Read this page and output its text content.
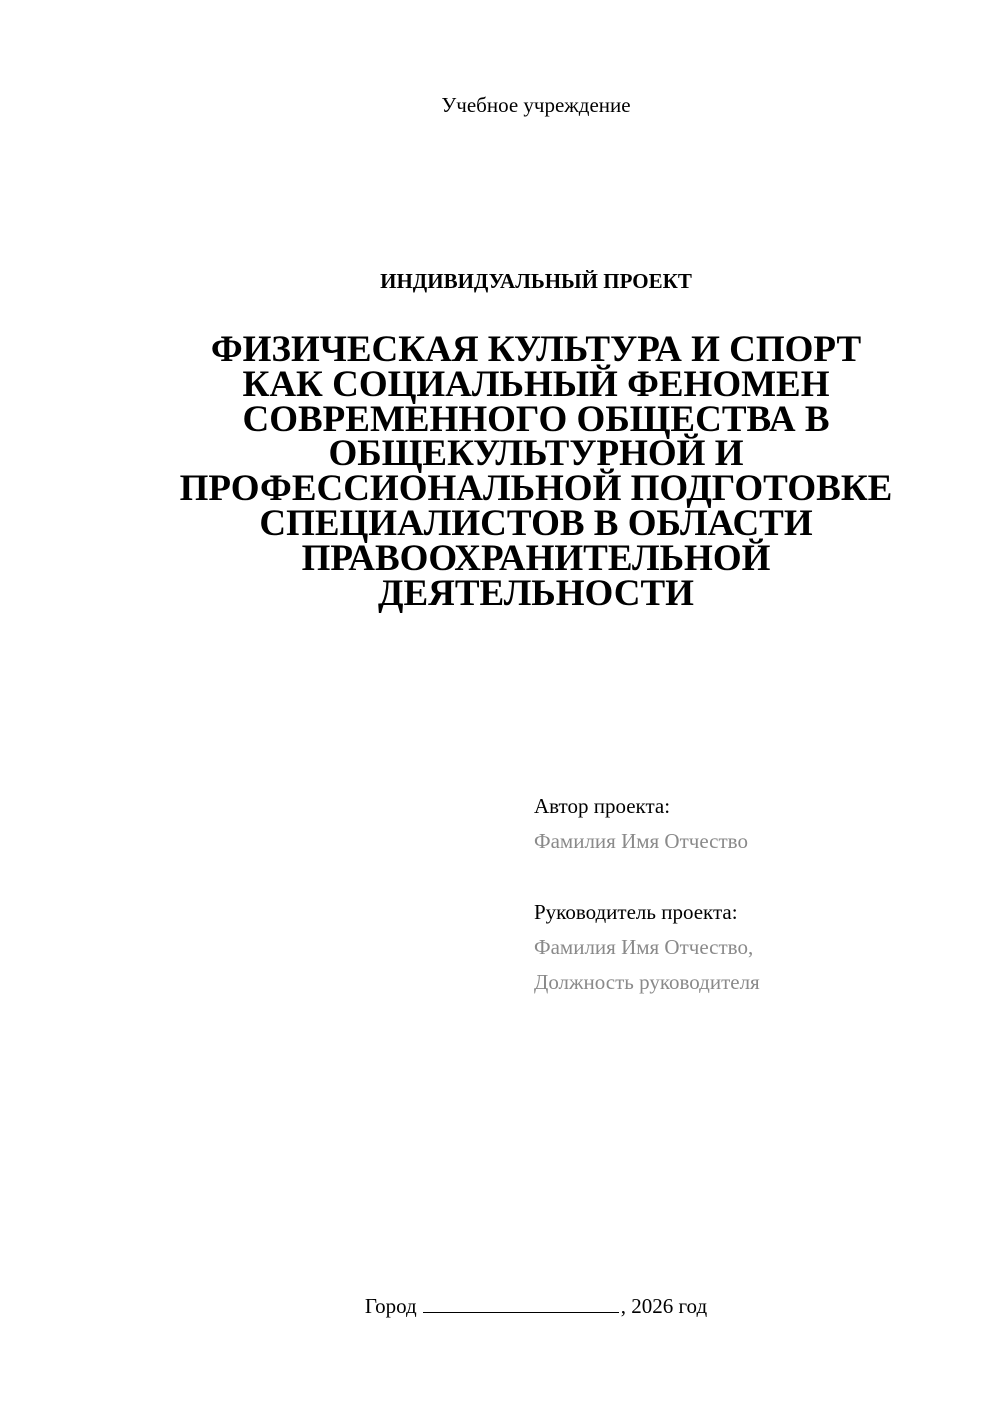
Учебное учреждение
ИНДИВИДУАЛЬНЫЙ ПРОЕКТ
ФИЗИЧЕСКАЯ КУЛЬТУРА И СПОРТ
КАК СОЦИАЛЬНЫЙ ФЕНОМЕН
СОВРЕМЕННОГО ОБЩЕСТВА В
ОБЩЕКУЛЬТУРНОЙ И
ПРОФЕССИОНАЛЬНОЙ ПОДГОТОВКЕ
СПЕЦИАЛИСТОВ В ОБЛАСТИ
ПРАВООХРАНИТЕЛЬНОЙ
ДЕЯТЕЛЬНОСТИ
Автор проекта:
Фамилия Имя Отчество
Руководитель проекта:
Фамилия Имя Отчество,
Должность руководителя
Город	, 2026 год
